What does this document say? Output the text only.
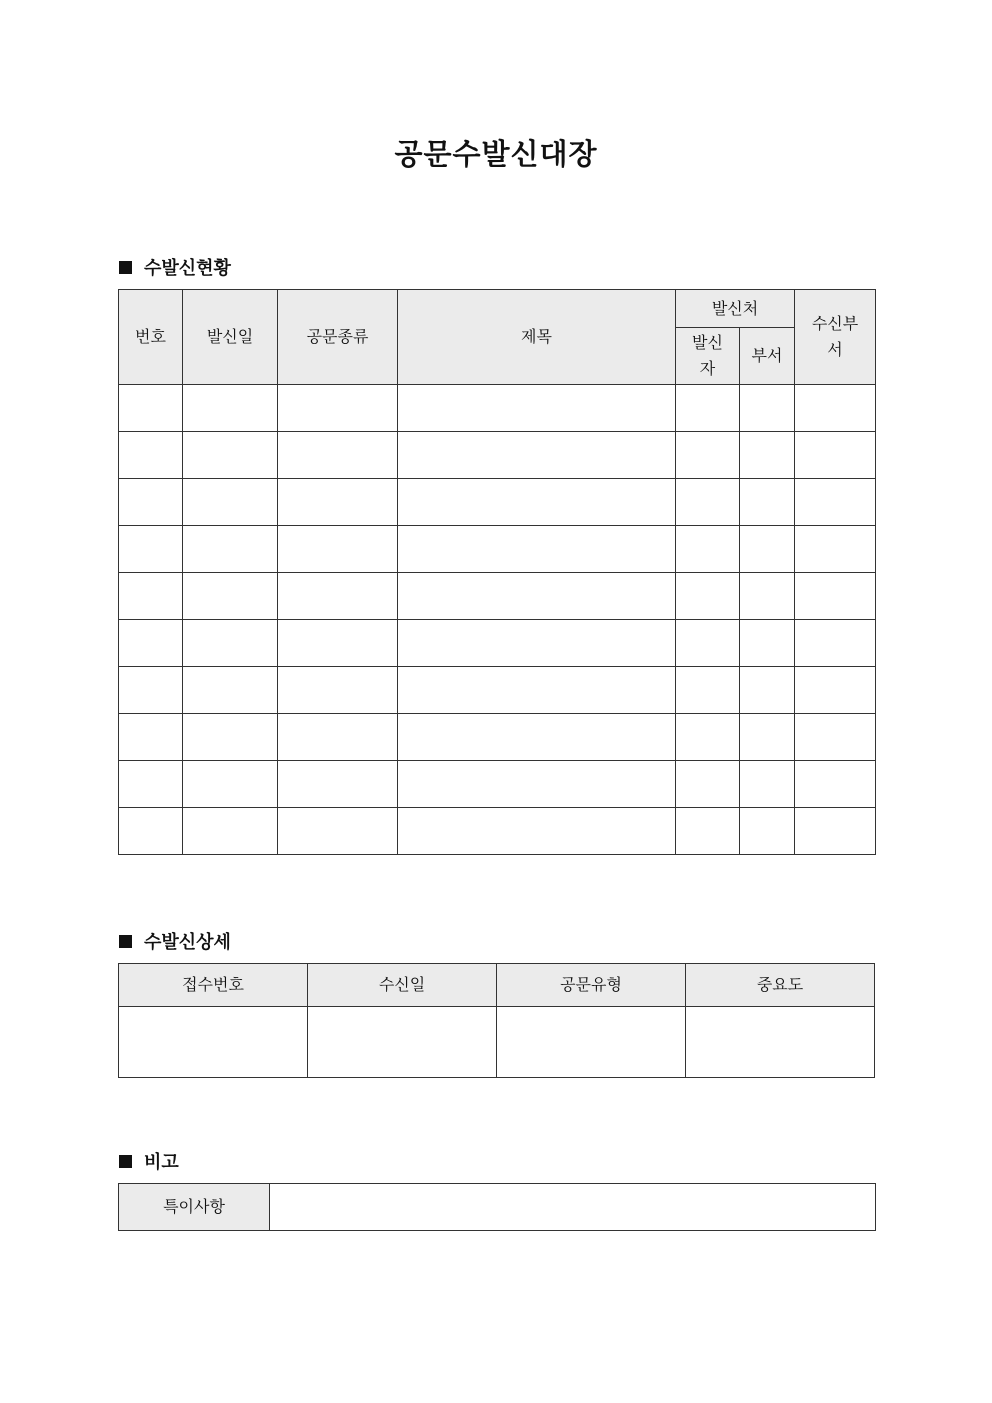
공문수발신대장
수발신현황
번호	발신일	공문종류	제목	발신처		수신부서
				발신자	부서	

수발신상세
접수번호	수신일	공문유형	중요도

비고
특이사항	
